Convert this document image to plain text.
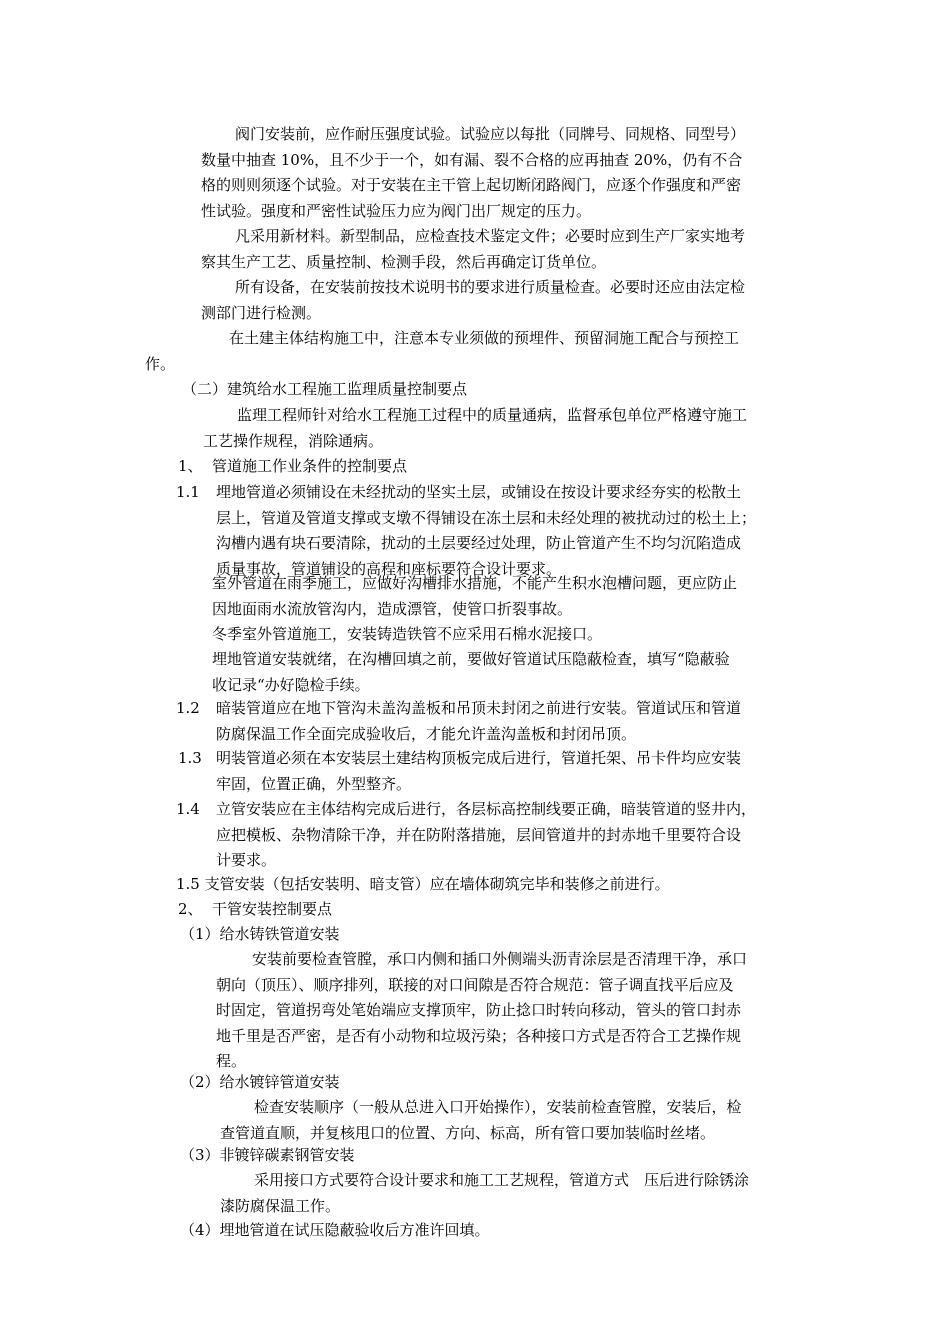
阀门安装前，应作耐压强度试验。试验应以每批（同牌号、同规格、同型号）
数量中抽查 10%，且不少于一个，如有漏、裂不合格的应再抽查 20%，仍有不合
格的则则须逐个试验。对于安装在主干管上起切断闭路阀门，应逐个作强度和严密
性试验。强度和严密性试验压力应为阀门出厂规定的压力。

凡采用新材料。新型制品，应检查技术鉴定文件；必要时应到生产厂家实地考
察其生产工艺、质量控制、检测手段，然后再确定订货单位。

所有设备，在安装前按技术说明书的要求进行质量检查。必要时还应由法定检
测部门进行检测。

在土建主体结构施工中，注意本专业须做的预埋件、预留洞施工配合与预控工
作。

（二）建筑给水工程施工监理质量控制要点

监理工程师针对给水工程施工过程中的质量通病，监督承包单位严格遵守施工
工艺操作规程，消除通病。

1、 管道施工作业条件的控制要点

1.1 埋地管道必须铺设在未经扰动的坚实土层，或铺设在按设计要求经夯实的松散土
层上，管道及管道支撑或支墩不得铺设在冻土层和未经处理的被扰动过的松土上；
沟槽内遇有块石要清除，扰动的土层要经过处理，防止管道产生不均匀沉陷造成
质量事故，管道铺设的高程和座标要符合设计要求。

室外管道在雨季施工，应做好沟槽排水措施，不能产生积水泡槽问题，更应防止
因地面雨水流放管沟内，造成漂管，使管口折裂事故。

冬季室外管道施工，安装铸造铁管不应采用石棉水泥接口。

埋地管道安装就绪，在沟槽回填之前，要做好管道试压隐蔽检查，填写“隐蔽验
收记录“办好隐检手续。

1.2 暗装管道应在地下管沟未盖沟盖板和吊顶未封闭之前进行安装。管道试压和管道
防腐保温工作全面完成验收后，才能允许盖沟盖板和封闭吊顶。

1.3 明装管道必须在本安装层土建结构顶板完成后进行，管道托架、吊卡件均应安装
牢固，位置正确，外型整齐。

1.4 立管安装应在主体结构完成后进行，各层标高控制线要正确，暗装管道的竖井内，
应把模板、杂物清除干净，并在防附落措施，层间管道井的封赤地千里要符合设
计要求。

1.5 支管安装（包括安装明、暗支管）应在墙体砌筑完毕和装修之前进行。

2、 干管安装控制要点

（1）给水铸铁管道安装

安装前要检查管膛，承口内侧和插口外侧端头沥青涂层是否清理干净，承口
朝向（顶压）、顺序排列，联接的对口间隙是否符合规范：管子调直找平后应及
时固定，管道拐弯处笔始端应支撑顶牢，防止捻口时转向移动，管头的管口封赤
地千里是否严密，是否有小动物和垃圾污染；各种接口方式是否符合工艺操作规
程。

（2）给水镀锌管道安装

检查安装顺序（一般从总进入口开始操作），安装前检查管膛，安装后，检
查管道直顺，并复核甩口的位置、方向、标高，所有管口要加装临时丝堵。

（3）非镀锌碳素钢管安装

采用接口方式要符合设计要求和施工工艺规程，管道方式　压后进行除锈涂
漆防腐保温工作。

（4）埋地管道在试压隐蔽验收后方准许回填。
